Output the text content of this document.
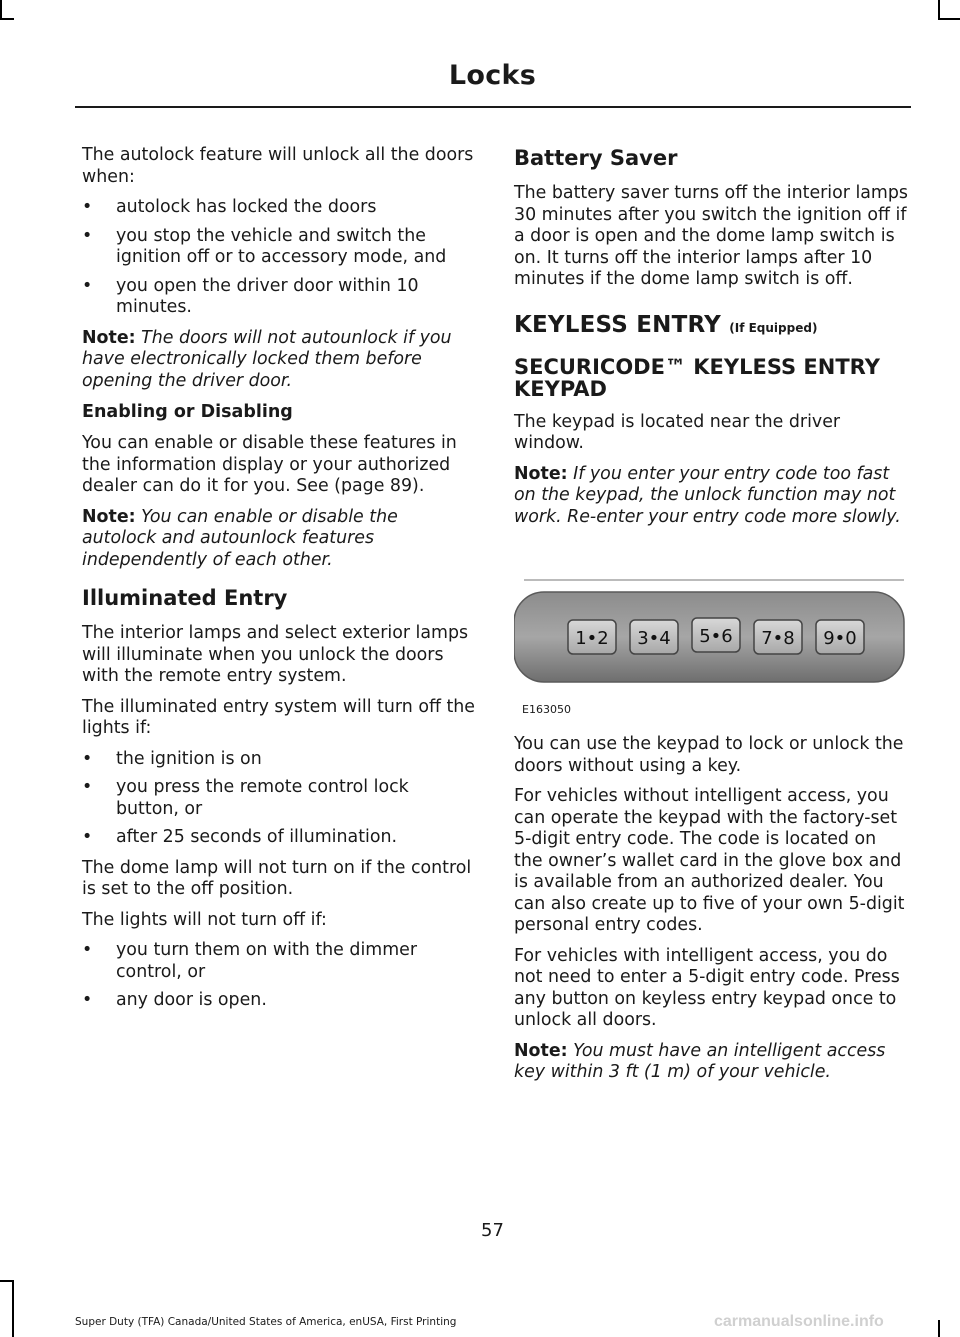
Locks

The autolock feature will unlock all the doors when:

•	autolock has locked the doors
•	you stop the vehicle and switch the ignition off or to accessory mode, and
•	you open the driver door within 10 minutes.

Note: The doors will not autounlock if you have electronically locked them before opening the driver door.

Enabling or Disabling

You can enable or disable these features in the information display or your authorized dealer can do it for you. See (page 89).

Note: You can enable or disable the autolock and autounlock features independently of each other.

Illuminated Entry

The interior lamps and select exterior lamps will illuminate when you unlock the doors with the remote entry system.

The illuminated entry system will turn off the lights if:

•	the ignition is on
•	you press the remote control lock button, or
•	after 25 seconds of illumination.

The dome lamp will not turn on if the control is set to the off position.

The lights will not turn off if:

•	you turn them on with the dimmer control, or
•	any door is open.
Battery Saver

The battery saver turns off the interior lamps 30 minutes after you switch the ignition off if a door is open and the dome lamp switch is on. It turns off the interior lamps after 10 minutes if the dome lamp switch is off.

KEYLESS ENTRY (If Equipped)
SECURICODE™ KEYLESS ENTRY KEYPAD

The keypad is located near the driver window.

Note: If you enter your entry code too fast on the keypad, the unlock function may not work. Re-enter your entry code more slowly.

1•2 3•4 5•6 7•8 9•0
E163050

You can use the keypad to lock or unlock the doors without using a key.

For vehicles without intelligent access, you can operate the keypad with the factory-set 5-digit entry code. The code is located on the owner’s wallet card in the glove box and is available from an authorized dealer. You can also create up to five of your own 5-digit personal entry codes.

For vehicles with intelligent access, you do not need to enter a 5-digit entry code. Press any button on keyless entry keypad once to unlock all doors.

Note: You must have an intelligent access key within 3 ft (1 m) of your vehicle.

57
Super Duty (TFA) Canada/United States of America, enUSA, First Printing	carmanualsonline.info
